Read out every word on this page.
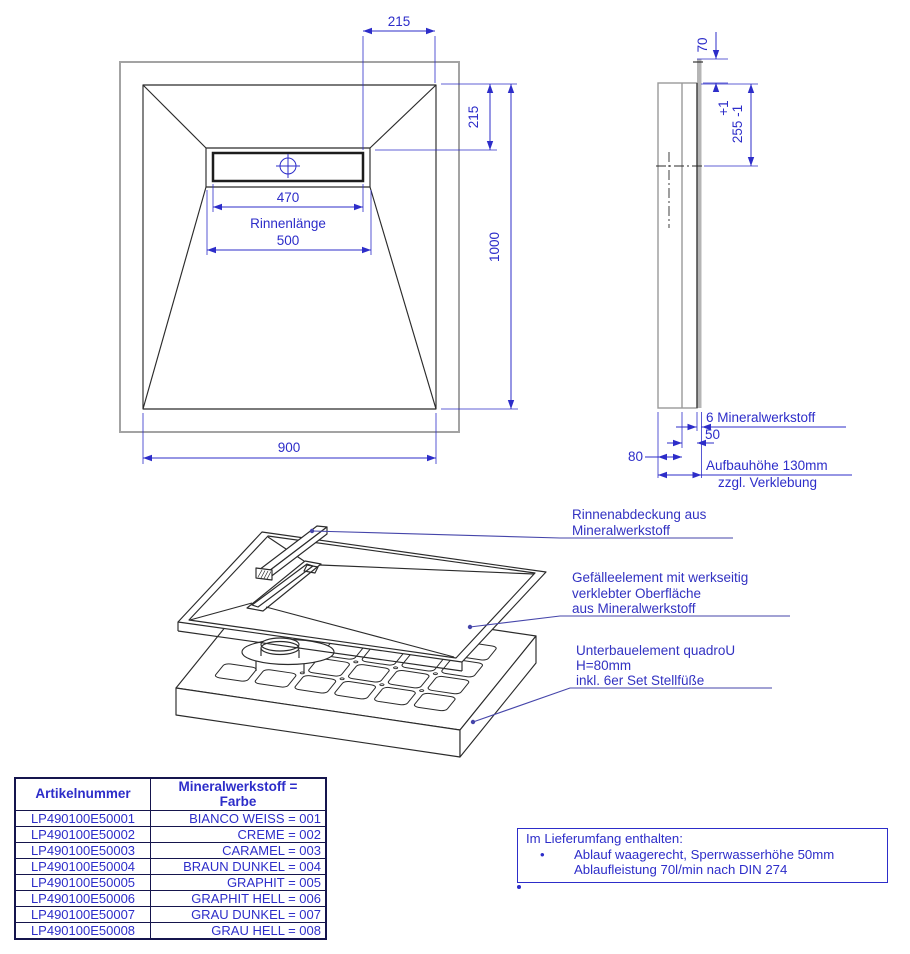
215
215
1000
470
Rinnenlänge
500
900
70
+1 255 -1
6 Mineralwerkstoff
50
80
Aufbauhöhe 130mm
zzgl. Verklebung
Rinnenabdeckung aus
Mineralwerkstoff
Gefälleelement mit werkseitig
verklebter Oberfläche
aus Mineralwerkstoff
Unterbauelement quadroU
H=80mm
inkl. 6er Set Stellfüße
Artikelnummer	Mineralwerkstoff =
Farbe
LP490100E50001	BIANCO WEISS = 001
LP490100E50002	CREME = 002
LP490100E50003	CARAMEL = 003
LP490100E50004	BRAUN DUNKEL = 004
LP490100E50005	GRAPHIT = 005
LP490100E50006	GRAPHIT HELL = 006
LP490100E50007	GRAU DUNKEL = 007
LP490100E50008	GRAU HELL = 008
Im Lieferumfang enthalten:
•	Ablauf waagerecht, Sperrwasserhöhe 50mm
Ablaufleistung 70l/min nach DIN 274
